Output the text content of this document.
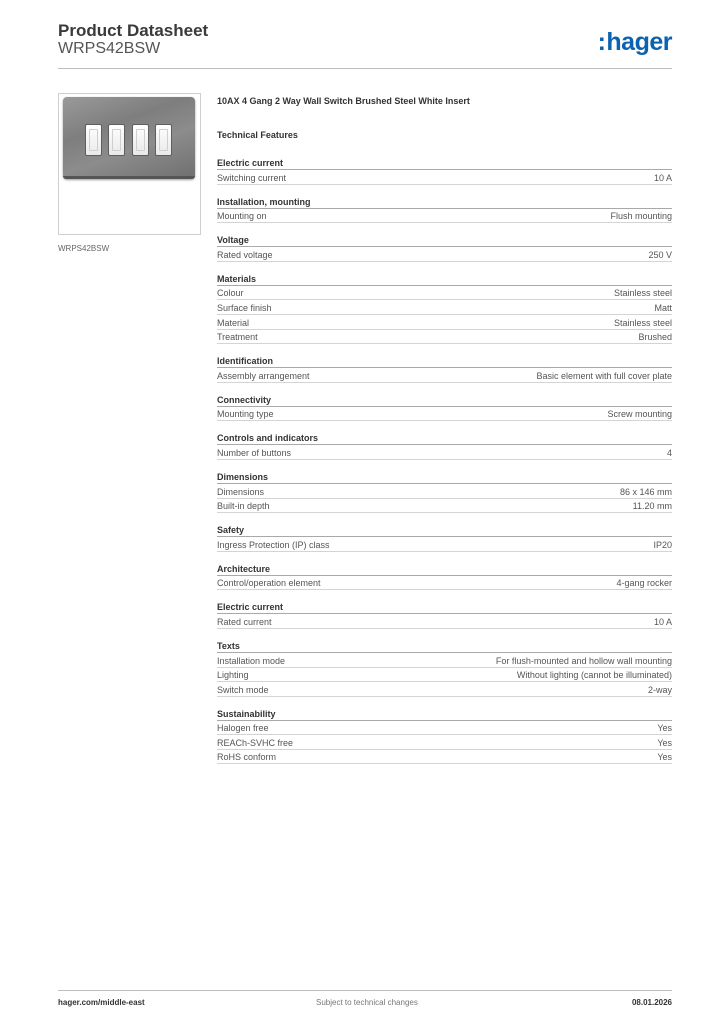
Product Datasheet
WRPS42BSW	:hager
WRPS42BSW
10AX 4 Gang 2 Way Wall Switch Brushed Steel White Insert
Technical Features
Electric current
Switching current	10 A
Installation, mounting
Mounting on	Flush mounting
Voltage
Rated voltage	250 V
Materials
Colour	Stainless steel
Surface finish	Matt
Material	Stainless steel
Treatment	Brushed
Identification
Assembly arrangement	Basic element with full cover plate
Connectivity
Mounting type	Screw mounting
Controls and indicators
Number of buttons	4
Dimensions
Dimensions	86 x 146 mm
Built-in depth	11.20 mm
Safety
Ingress Protection (IP) class	IP20
Architecture
Control/operation element	4-gang rocker
Electric current
Rated current	10 A
Texts
Installation mode	For flush-mounted and hollow wall mounting
Lighting	Without lighting (cannot be illuminated)
Switch mode	2-way
Sustainability
Halogen free	Yes
REACh-SVHC free	Yes
RoHS conform	Yes
hager.com/middle-east	Subject to technical changes	08.01.2026
